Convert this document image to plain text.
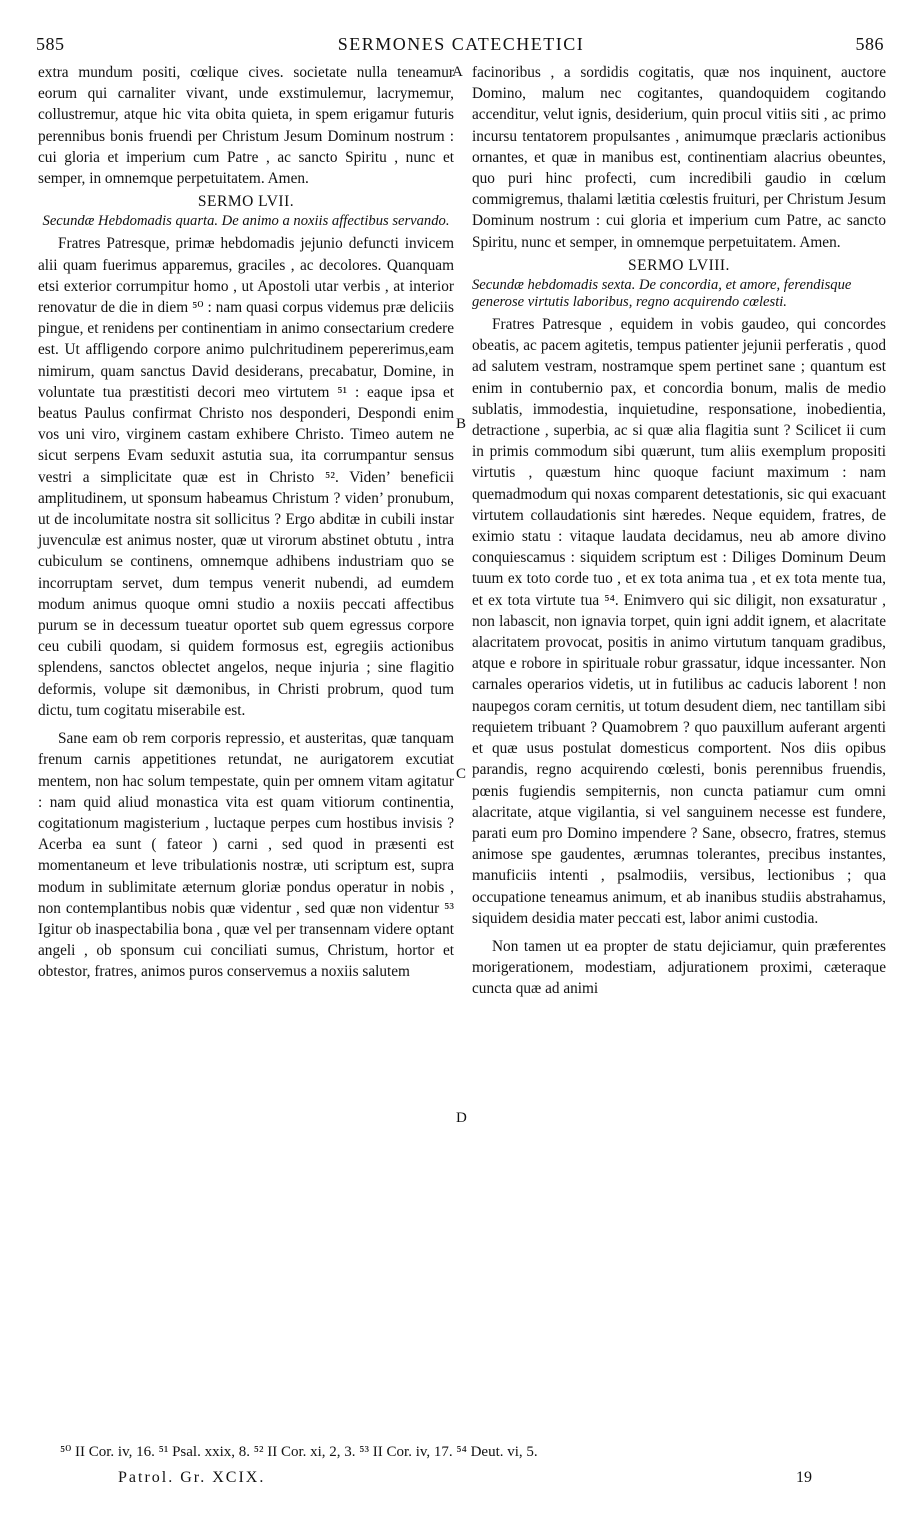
585	SERMONES CATECHETICI	586

extra mundum positi, cœlique cives. societate nulla teneamur eorum qui carnaliter vivant, unde exstimulemur, lacrymemur, collustremur, atque hic vita obita quieta, in spem erigamur futuris perennibus bonis fruendi per Christum Jesum Dominum nostrum : cui gloria et imperium cum Patre , ac sancto Spiritu , nunc et semper, in omnemque perpetuitatem. Amen.

SERMO LVII.
Secundæ Hebdomadis quarta. De animo a noxiis affectibus servando.

Fratres Patresque, primæ hebdomadis jejunio defuncti invicem alii quam fuerimus apparemus, graciles , ac decolores. Quanquam etsi exterior corrumpitur homo , ut Apostoli utar verbis , at interior renovatur de die in diem ⁵⁰ : nam quasi corpus videmus præ deliciis pingue, et renidens per continentiam in animo consectarium credere est. Ut affligendo corpore animo pulchritudinem pepererimus,eam nimirum, quam sanctus David desiderans, precabatur, Domine, in voluntate tua præstitisti decori meo virtutem ⁵¹ : eaque ipsa et beatus Paulus confirmat Christo nos desponderi, Despondi enim vos uni viro, virginem castam exhibere Christo. Timeo autem ne sicut serpens Evam seduxit astutia sua, ita corrumpantur sensus vestri a simplicitate quæ est in Christo ⁵². Viden’ beneficii amplitudinem, ut sponsum habeamus Christum ? viden’ pronubum, ut de incolumitate nostra sit sollicitus ? Ergo abditæ in cubili instar juvenculæ est animus noster, quæ ut virorum abstinet obtutu , intra cubiculum se continens, omnemque adhibens industriam quo se incorruptam servet, dum tempus venerit nubendi, ad eumdem modum animus quoque omni studio a noxiis peccati affectibus purum se in decessum tueatur oportet sub quem egressus corpore ceu cubili quodam, si quidem formosus est, egregiis actionibus splendens, sanctos oblectet angelos, neque injuria ; sine flagitio deformis, volupe sit dæmonibus, in Christi probrum, quod tum dictu, tum cogitatu miserabile est.

Sane eam ob rem corporis repressio, et austeritas, quæ tanquam frenum carnis appetitiones retundat, ne aurigatorem excutiat mentem, non hac solum tempestate, quin per omnem vitam agitatur : nam quid aliud monastica vita est quam vitiorum continentia, cogitationum magisterium , luctaque perpes cum hostibus invisis ? Acerba ea sunt ( fateor ) carni , sed quod in præsenti est momentaneum et leve tribulationis nostræ, uti scriptum est, supra modum in sublimitate æternum gloriæ pondus operatur in nobis , non contemplantibus nobis quæ videntur , sed quæ non videntur ⁵³ Igitur ob inaspectabilia bona , quæ vel per transennam videre optant angeli , ob sponsum cui conciliati sumus, Christum, hortor et obtestor, fratres, animos puros conservemus a noxiis salutem

facinoribus , a sordidis cogitatis, quæ nos inquinent, auctore Domino, malum nec cogitantes, quandoquidem cogitando accenditur, velut ignis, desiderium, quin procul vitiis siti , ac primo incursu tentatorem propulsantes , animumque præclaris actionibus ornantes, et quæ in manibus est, continentiam alacrius obeuntes, quo puri hinc profecti, cum incredibili gaudio in cœlum commigremus, thalami lætitia cœlestis fruituri, per Christum Jesum Dominum nostrum : cui gloria et imperium cum Patre, ac sancto Spiritu, nunc et semper, in omnemque perpetuitatem. Amen.

SERMO LVIII.
Secundæ hebdomadis sexta. De concordia, et amore, ferendisque generose virtutis laboribus, regno acquirendo cœlesti.

Fratres Patresque , equidem in vobis gaudeo, qui concordes obeatis, ac pacem agitetis, tempus patienter jejunii perferatis , quod ad salutem vestram, nostramque spem pertinet sane ; quantum est enim in contubernio pax, et concordia bonum, malis de medio sublatis, immodestia, inquietudine, responsatione, inobedientia, detractione , superbia, ac si quæ alia flagitia sunt ? Scilicet ii cum in primis commodum sibi quærunt, tum aliis exemplum propositi virtutis , quæstum hinc quoque faciunt maximum : nam quemadmodum qui noxas comparent detestationis, sic qui exacuant virtutem collaudationis sint hæredes. Neque equidem, fratres, de eximio statu : vitaque laudata decidamus, neu ab amore divino conquiescamus : siquidem scriptum est : Diliges Dominum Deum tuum ex toto corde tuo , et ex tota anima tua , et ex tota mente tua, et ex tota virtute tua ⁵⁴. Enimvero qui sic diligit, non exsaturatur , non labascit, non ignavia torpet, quin igni addit ignem, et alacritate alacritatem provocat, positis in animo virtutum tanquam gradibus, atque e robore in spirituale robur grassatur, idque incessanter. Non carnales operarios videtis, ut in futilibus ac caducis laborent ! non naupegos coram cernitis, ut totum desudent diem, nec tantillam sibi requietem tribuant ? Quamobrem ? quo pauxillum auferant argenti et quæ usus postulat domesticus comportent. Nos diis opibus parandis, regno acquirendo cœlesti, bonis perennibus fruendis, pœnis fugiendis sempiternis, non cuncta patiamur cum omni alacritate, atque vigilantia, si vel sanguinem necesse est fundere, parati eum pro Domino impendere ? Sane, obsecro, fratres, stemus animose spe gaudentes, ærumnas tolerantes, precibus instantes, manuficiis intenti , psalmodiis, versibus, lectionibus ; qua occupatione teneamus animum, et ab inanibus studiis abstrahamus, siquidem desidia mater peccati est, labor animi custodia.

Non tamen ut ea propter de statu dejiciamur, quin præferentes morigerationem, modestiam, adjurationem proximi, cæteraque cuncta quæ ad animi

A
B
C
D
⁵⁰ II Cor. iv, 16. ⁵¹ Psal. xxix, 8. ⁵² II Cor. xi, 2, 3. ⁵³ II Cor. iv, 17. ⁵⁴ Deut. vi, 5.
Patrol. Gr. XCIX.	19
